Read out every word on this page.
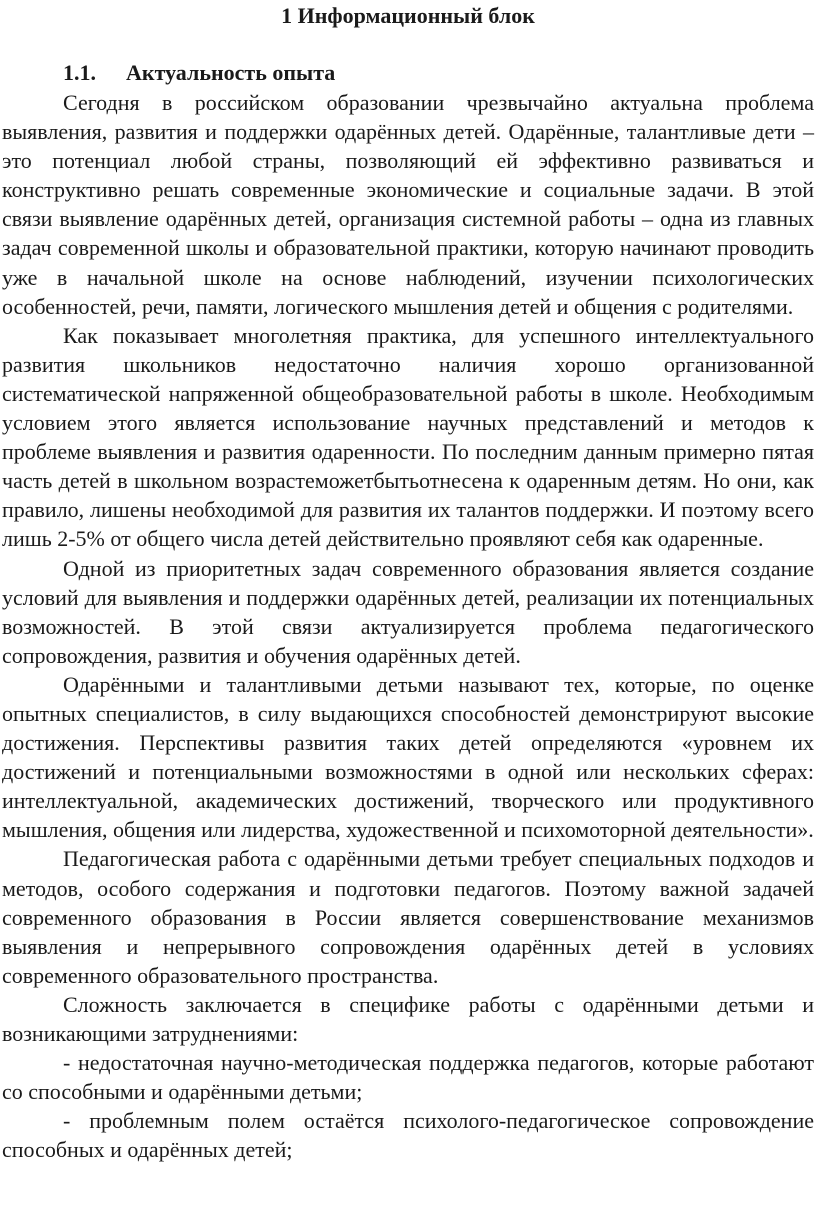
1 Информационный блок
1.1. Актуальность опыта

Сегодня в российском образовании чрезвычайно актуальна проблема выявления, развития и поддержки одарённых детей. Одарённые, талантливые дети – это потенциал любой страны, позволяющий ей эффективно развиваться и конструктивно решать современные экономические и социальные задачи. В этой связи выявление одарённых детей, организация системной работы – одна из главных задач современной школы и образовательной практики, которую начинают проводить уже в начальной школе на основе наблюдений, изучении психологических особенностей, речи, памяти, логического мышления детей и общения с родителями.

Как показывает многолетняя практика, для успешного интеллектуального развития школьников недостаточно наличия хорошо организованной систематической напряженной общеобразовательной работы в школе. Необходимым условием этого является использование научных представлений и методов к проблеме выявления и развития одаренности. По последним данным примерно пятая часть детей в школьном возрастеможетбытьотнесена к одаренным детям. Но они, как правило, лишены необходимой для развития их талантов поддержки. И поэтому всего лишь 2-5% от общего числа детей действительно проявляют себя как одаренные.

Одной из приоритетных задач современного образования является создание условий для выявления и поддержки одарённых детей, реализации их потенциальных возможностей. В этой связи актуализируется проблема педагогического сопровождения, развития и обучения одарённых детей.

Одарёнными и талантливыми детьми называют тех, которые, по оценке опытных специалистов, в силу выдающихся способностей демонстрируют высокие достижения. Перспективы развития таких детей определяются «уровнем их достижений и потенциальными возможностями в одной или нескольких сферах: интеллектуальной, академических достижений, творческого или продуктивного мышления, общения или лидерства, художественной и психомоторной деятельности».

Педагогическая работа с одарёнными детьми требует специальных подходов и методов, особого содержания и подготовки педагогов. Поэтому важной задачей современного образования в России является совершенствование механизмов выявления и непрерывного сопровождения одарённых детей в условиях современного образовательного пространства.

Сложность заключается в специфике работы с одарёнными детьми и возникающими затруднениями:

- недостаточная научно-методическая поддержка педагогов, которые работают со способными и одарёнными детьми;

- проблемным полем остаётся психолого-педагогическое сопровождение способных и одарённых детей;
